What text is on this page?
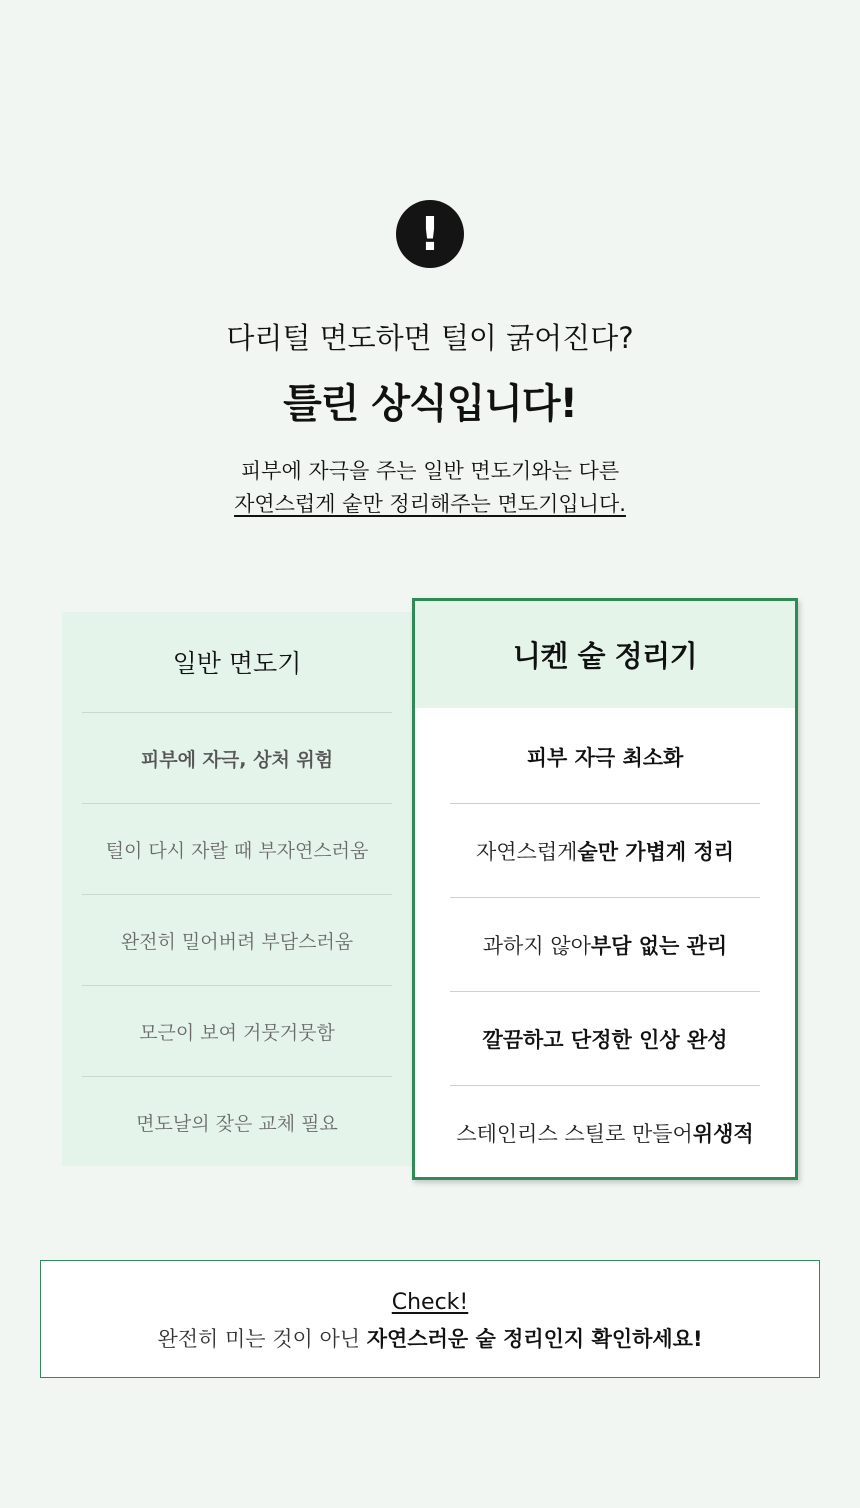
!
다리털 면도하면 털이 굵어진다?
틀린 상식입니다!
피부에 자극을 주는 일반 면도기와는 다른
자연스럽게 숱만 정리해주는 면도기입니다.
일반 면도기
피부에 자극, 상처 위험
털이 다시 자랄 때 부자연스러움
완전히 밀어버려 부담스러움
모근이 보여 거뭇거뭇함
면도날의 잦은 교체 필요
니켄 숱 정리기
피부 자극 최소화
자연스럽게 숱만 가볍게 정리
과하지 않아 부담 없는 관리
깔끔하고 단정한 인상 완성
스테인리스 스틸로 만들어 위생적
Check!
완전히 미는 것이 아닌 자연스러운 숱 정리인지 확인하세요!
